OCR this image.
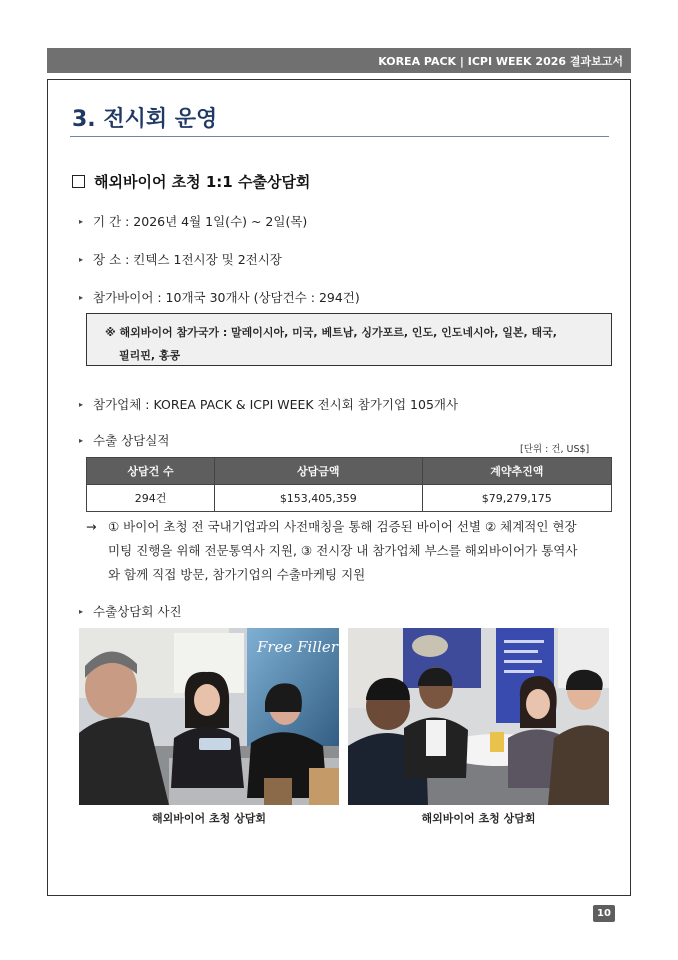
KOREA PACK | ICPI WEEK 2026 결과보고서
3. 전시회 운영
해외바이어 초청 1:1 수출상담회
▸ 기 간 : 2026년 4월 1일(수) ~ 2일(목)
▸ 장 소 : 킨텍스 1전시장 및 2전시장
▸ 참가바이어 : 10개국 30개사 (상담건수 : 294건)
※ 해외바이어 참가국가 : 말레이시아, 미국, 베트남, 싱가포르, 인도, 인도네시아, 일본, 태국,
필리핀, 홍콩
▸ 참가업체 : KOREA PACK & ICPI WEEK 전시회 참가기업 105개사
▸ 수출 상담실적
[단위 : 건, US$]
상담건 수	상담금액	계약추진액
294건	$153,405,359	$79,279,175
→ ① 바이어 초청 전 국내기업과의 사전매칭을 통해 검증된 바이어 선별 ② 체계적인 현장
미팅 진행을 위해 전문통역사 지원, ③ 전시장 내 참가업체 부스를 해외바이어가 통역사
와 함께 직접 방문, 참가기업의 수출마케팅 지원
▸ 수출상담회 사진
Free Filler
해외바이어 초청 상담회	해외바이어 초청 상담회
10
